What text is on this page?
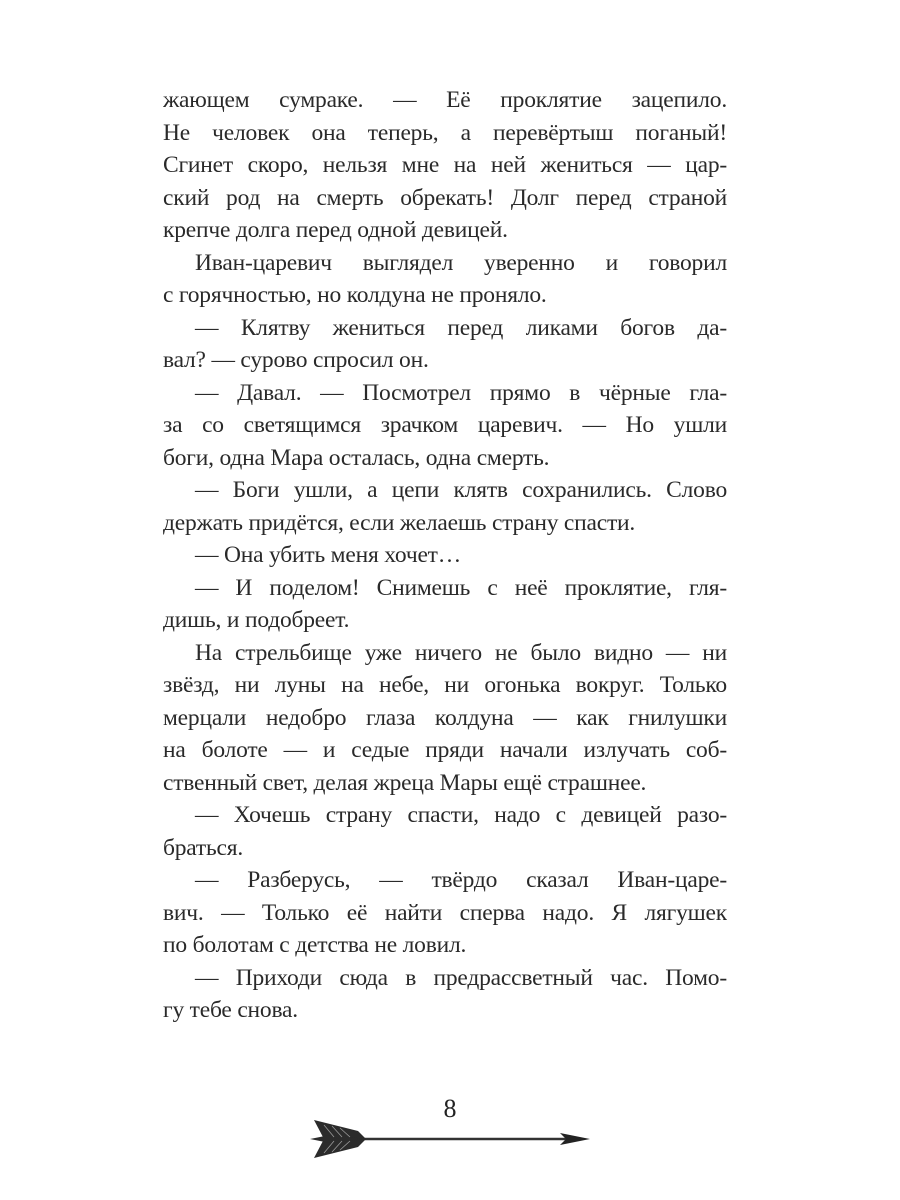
жающем сумраке. — Её проклятие зацепило.
Не человек она теперь, а перевёртыш поганый!
Сгинет скоро, нельзя мне на ней жениться — цар-
ский род на смерть обрекать! Долг перед страной
крепче долга перед одной девицей.
Иван-царевич выглядел уверенно и говорил
с горячностью, но колдуна не проняло.
— Клятву жениться перед ликами богов да-
вал? — сурово спросил он.
— Давал. — Посмотрел прямо в чёрные гла-
за со светящимся зрачком царевич. — Но ушли
боги, одна Мара осталась, одна смерть.
— Боги ушли, а цепи клятв сохранились. Слово
держать придётся, если желаешь страну спасти.
— Она убить меня хочет…
— И поделом! Снимешь с неё проклятие, гля-
дишь, и подобреет.
На стрельбище уже ничего не было видно — ни
звёзд, ни луны на небе, ни огонька вокруг. Только
мерцали недобро глаза колдуна — как гнилушки
на болоте — и седые пряди начали излучать соб-
ственный свет, делая жреца Мары ещё страшнее.
— Хочешь страну спасти, надо с девицей разо-
браться.
— Разберусь, — твёрдо сказал Иван-царе-
вич. — Только её найти сперва надо. Я лягушек
по болотам с детства не ловил.
— Приходи сюда в предрассветный час. Помо-
гу тебе снова.
8
